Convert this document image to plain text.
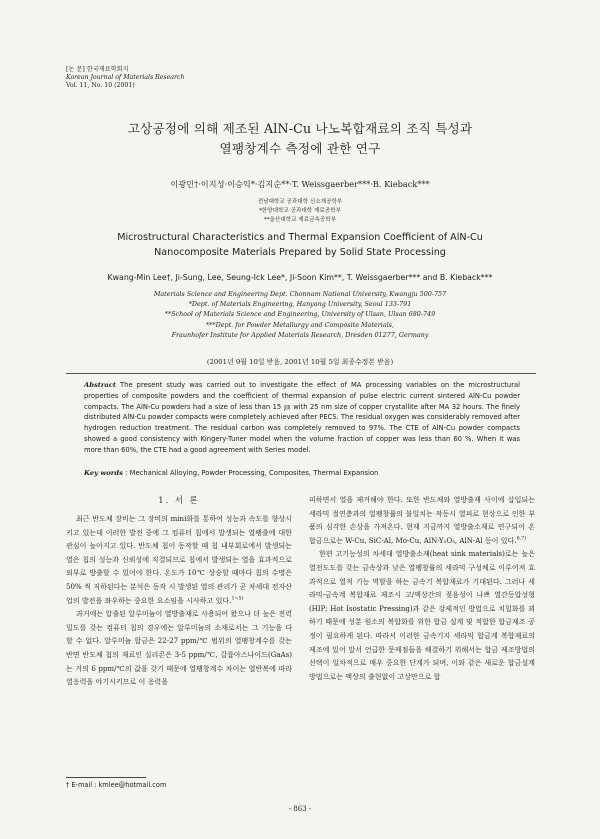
[논 문] 한국재료학회지
Korean Journal of Materials Research
Vol. 11, No. 10 (2001)
고상공정에 의해 제조된 AlN-Cu 나노복합재료의 조직 특성과
열팽창계수 측정에 관한 연구
이광민†·이지성·이승익*·김지순**·T. Weissgaerber***·B. Kieback***
전남대학교 공과대학 신소재공학부
*한양대학교 공과대학 재료공학부
**울산대학교 재료금속공학부
Microstructural Characteristics and Thermal Expansion Coefficient of AlN-Cu
Nanocomposite Materials Prepared by Solid State Processing
Kwang-Min Lee†, Ji-Sung, Lee, Seung-Ick Lee*, Ji-Soon Kim**, T. Weissgaerber*** and B. Kieback***
Materials Science and Engineering Dept. Chonnam National University, Kwangju 500-757
*Dept. of Materials Engineering, Hanyang University, Seoul 133-791
**School of Materials Science and Engineering, University of Ulsan, Ulsan 680-749
***Dept. for Powder Metallurgy and Composite Materials,
Fraunhofer Institute for Applied Materials Research, Dresden 01277, Germany
(2001년 9월 10일 받음, 2001년 10월 5일 최종수정본 받음)
Abstract The present study was carried out to investigate the effect of MA processing variables on the microstructural properties of composite powders and the coefficient of thermal expansion of pulse electric current sintered AlN-Cu powder compacts. The AlN-Cu powders had a size of less than 15 ㎛ with 25 nm size of copper crystallite after MA 32 hours. The finely distributed AlN-Cu powder compacts were completely achieved after PECS. The residual oxygen was considerably removed after hydrogen reduction treatment. The residual carbon was completely removed to 97%. The CTE of AlN-Cu powder compacts showed a good consistency with Kingery-Tuner model when the volume fraction of copper was less than 60 %. When it was more than 60%, the CTE had a good agreement with Series model.
Key words : Mechanical Alloying, Powder Processing, Composites, Thermal Expansion
1. 서 론

최근 반도체 장비는 그 장비의 mini화를 통하여 성능과 속도를 향상시키고 있는데 이러한 발전 중에 그 컴퓨터 칩에서 발생되는 열팽출에 대한 관심이 높아지고 있다. 반도체 칩이 동작할 때 칩 내부회로에서 발생되는 열은 칩의 성능과 신뢰성에 직결되므로 칩에서 발생되는 열을 효과적으로 외부로 방출할 수 있어야 한다. 온도가 10℃ 상승할 때마다 칩의 수명은 50% 씩 저하된다는 분석은 동작 시 발생된 열의 관리가 곧 차세대 전자산업의 발전을 좌우하는 중요한 요소임을 시사하고 있다.$^{1\sim 5)}$

과거에는 압출된 알루미늄이 열방출재로 사용되어 왔으나 더 높은 전력밀도를 갖는 컴퓨터 칩의 경우에는 알루미늄의 소재로서는 그 기능을 다 할 수 없다. 알루미늄 합금은 22-27 ppm/℃ 범위의 열팽창계수를 갖는 반면 반도체 칩의 재료인 실리콘은 3-5 ppm/℃, 갈륨아스나이드(GaAs)는 거의 6 ppm/℃의 값을 갖기 때문에 열팽창계수 차이는 열반복에 따라 열응력을 야기시키므로 이 응력을

피하면서 열을 제거해야 한다. 또한 반도체와 열방출재 사이에 삽입되는 세라믹 절연층과의 열팽창률의 불일치는 작동시 열피로 현상으로 인한 부품의 심각한 손상을 가져온다. 현재 지금까지 열방출소재로 연구되어 온 합금으로는 W-Cu, SiC-Al, Mo-Cu, AlN-Y₂O₃, AlN-Al 등이 있다.$^{6,7)}$

한편 고기능성의 차세대 열방출소재(heat sink materials)로는 높은 열전도도를 갖는 금속상과 낮은 열팽창률의 세라믹 구성체로 이루어져 효과적으로 열적 기능 역할을 하는 금속기 복합재료가 기대된다. 그러나 세라믹-금속계 복합재료 제조시 고/액상간의 젖음성이 나쁘 열간등압성형(HIP; Hot Isostatic Pressing)과 같은 강제적인 방법으로 치밀화를 꾀하기 때문에 성분 원소의 복합화를 위한 합금 설계 및 적합한 합금제조 공정이 필요하게 된다. 따라서 이러한 금속기지 세라믹 합금계 복합재료의 제조에 있어 앞서 언급한 문제점들을 해결하기 위해서는 합금 제조방법의 선택이 일차적으로 매우 중요한 단계가 되며, 이와 같은 새로운 합금설계방법으로는 액상의 출현없이 고상만으로 합

† E-mail : kmlee@hotmail.com
- 863 -
